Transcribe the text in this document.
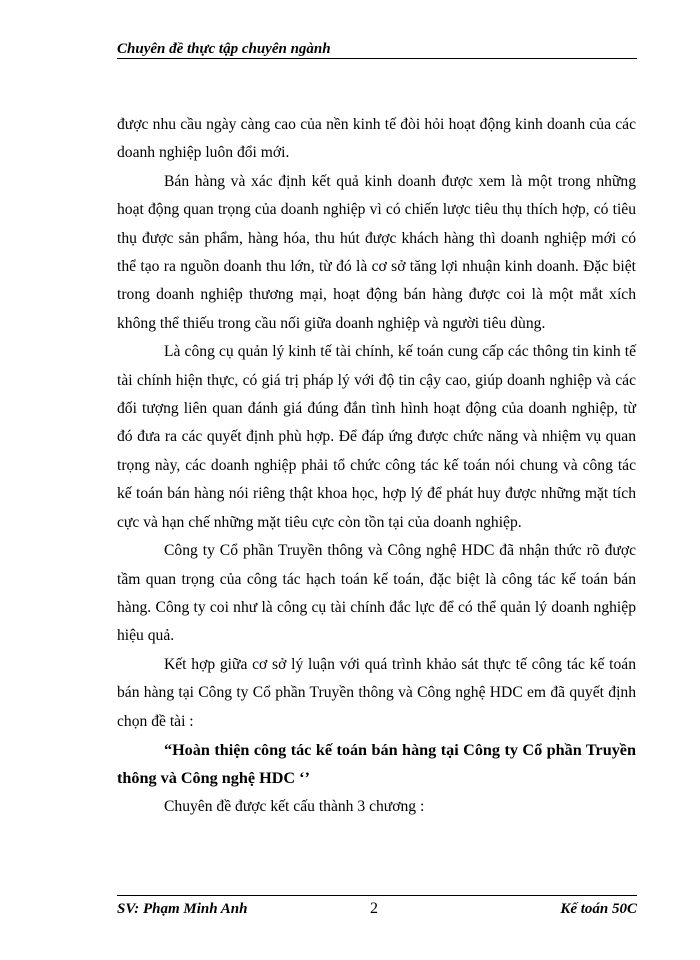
Chuyên đề thực tập chuyên ngành

được nhu cầu ngày càng cao của nền kinh tế đòi hỏi hoạt động kinh doanh của các doanh nghiệp luôn đổi mới.

Bán hàng và xác định kết quả kinh doanh được xem là một trong những hoạt động quan trọng của doanh nghiệp vì có chiến lược tiêu thụ thích hợp, có tiêu thụ được sản phẩm, hàng hóa, thu hút được khách hàng thì doanh nghiệp mới có thể tạo ra nguồn doanh thu lớn, từ đó là cơ sở tăng lợi nhuận kinh doanh. Đặc biệt trong doanh nghiệp thương mại, hoạt động bán hàng được coi là một mắt xích không thể thiếu trong cầu nối giữa doanh nghiệp và người tiêu dùng.

Là công cụ quản lý kinh tế tài chính, kế toán cung cấp các thông tin kinh tế tài chính hiện thực, có giá trị pháp lý với độ tin cậy cao, giúp doanh nghiệp và các đối tượng liên quan đánh giá đúng đắn tình hình hoạt động của doanh nghiệp, từ đó đưa ra các quyết định phù hợp. Để đáp ứng được chức năng và nhiệm vụ quan trọng này, các doanh nghiệp phải tổ chức công tác kế toán nói chung và công tác kế toán bán hàng nói riêng thật khoa học, hợp lý để phát huy được những mặt tích cực và hạn chế những mặt tiêu cực còn tồn tại của doanh nghiệp.

Công ty Cổ phần Truyền thông và Công nghệ HDC đã nhận thức rõ được tầm quan trọng của công tác hạch toán kế toán, đặc biệt là công tác kế toán bán hàng. Công ty coi như là công cụ tài chính đắc lực để có thể quản lý doanh nghiệp hiệu quả.

Kết hợp giữa cơ sở lý luận với quá trình khảo sát thực tế công tác kế toán bán hàng tại Công ty Cổ phần Truyền thông và Công nghệ HDC em đã quyết định chọn đề tài :

“Hoàn thiện công tác kế toán bán hàng tại Công ty Cổ phần Truyền thông và Công nghệ HDC ‘’

Chuyên đề được kết cấu thành 3 chương :

SV: Phạm Minh Anh	2	Kế toán 50C
